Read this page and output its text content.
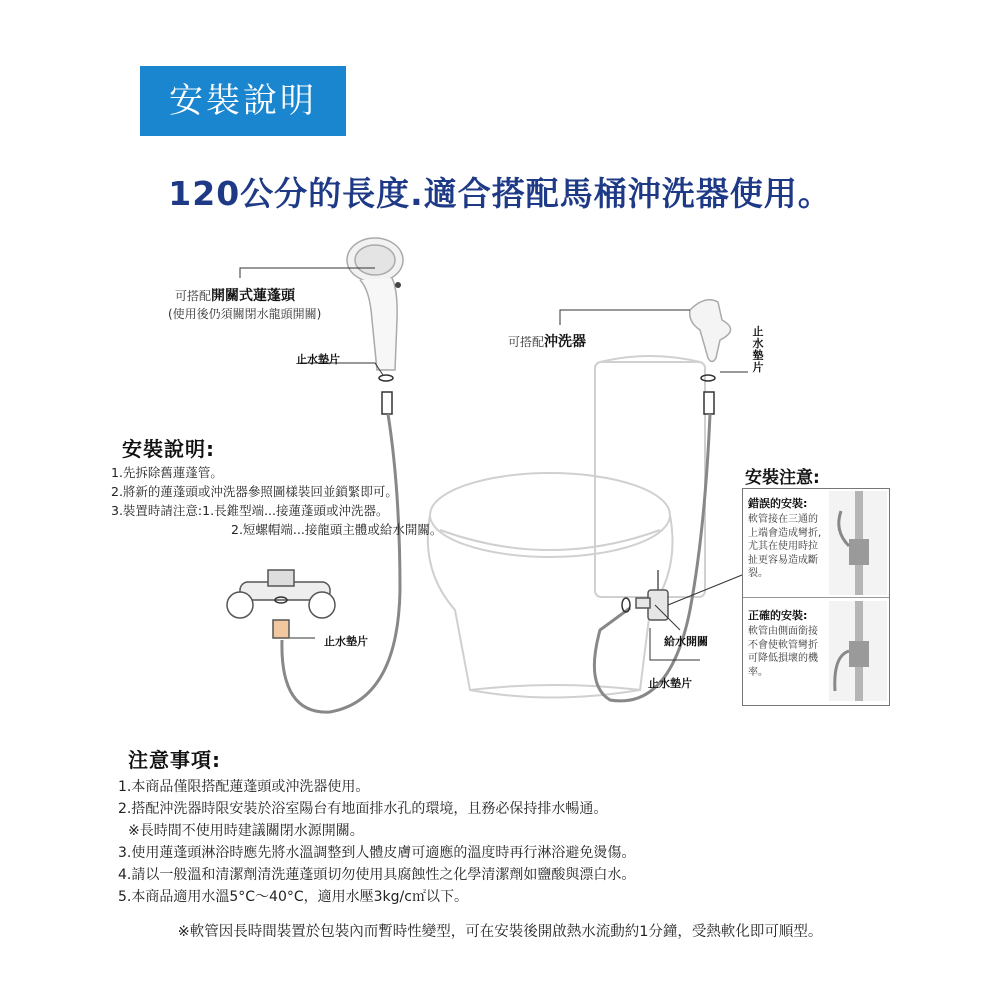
安裝說明
120公分的長度.適合搭配馬桶沖洗器使用。
可搭配開關式蓮蓬頭
(使用後仍須關閉水龍頭開關)
可搭配沖洗器
止水墊片
止水墊片
止水墊片	給水開關
止水墊片
安裝說明:
1.先拆除舊蓮蓬管。
2.將新的蓮蓬頭或沖洗器參照圖樣裝回並鎖緊即可。
3.裝置時請注意:1.長錐型端...接蓮蓬頭或沖洗器。
2.短螺帽端...接龍頭主體或給水開關。
安裝注意:
錯誤的安裝:
軟管接在三通的上端會造成彎折,尤其在使用時拉扯更容易造成斷裂。
正確的安裝:
軟管由側面銜接不會使軟管彎折可降低損壞的機率。
注意事項:
1.本商品僅限搭配蓮蓬頭或沖洗器使用。
2.搭配沖洗器時限安裝於浴室陽台有地面排水孔的環境，且務必保持排水暢通。
※長時間不使用時建議關閉水源開關。
3.使用蓮蓬頭淋浴時應先將水溫調整到人體皮膚可適應的溫度時再行淋浴避免燙傷。
4.請以一般溫和清潔劑清洗蓮蓬頭切勿使用具腐蝕性之化學清潔劑如鹽酸與漂白水。
5.本商品適用水溫5°C～40°C，適用水壓3kg/c㎡以下。
※軟管因長時間裝置於包裝內而暫時性變型，可在安裝後開啟熱水流動約1分鐘，受熱軟化即可順型。
